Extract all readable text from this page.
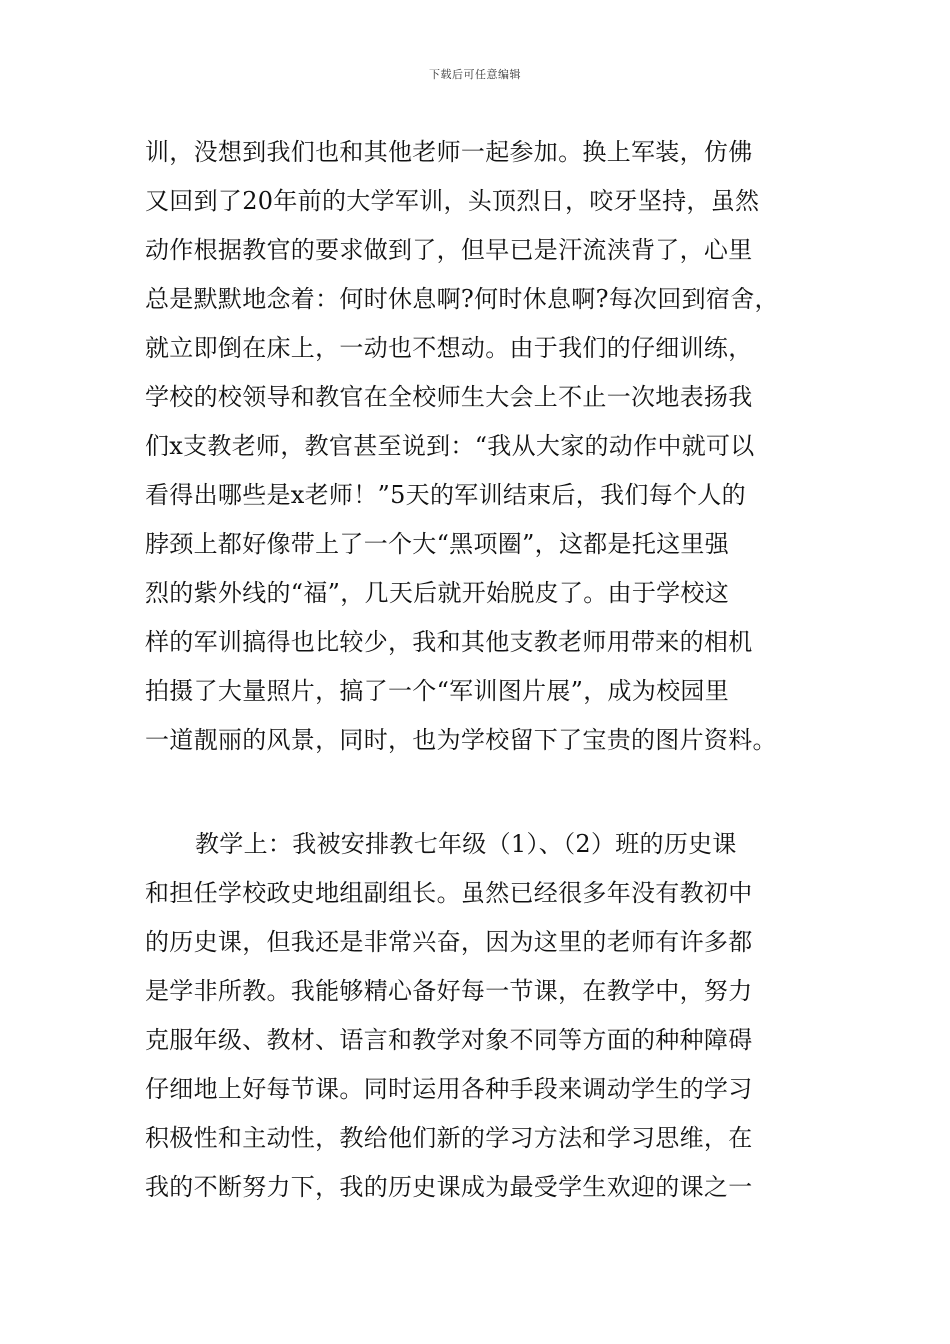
下载后可任意编辑
训，没想到我们也和其他老师一起参加。换上军装，仿佛
又回到了20年前的大学军训，头顶烈日，咬牙坚持，虽然
动作根据教官的要求做到了，但早已是汗流浃背了，心里
总是默默地念着：何时休息啊?何时休息啊?每次回到宿舍，
就立即倒在床上，一动也不想动。由于我们的仔细训练，
学校的校领导和教官在全校师生大会上不止一次地表扬我
们x支教老师，教官甚至说到：“我从大家的动作中就可以
看得出哪些是x老师！”5天的军训结束后，我们每个人的
脖颈上都好像带上了一个大“黑项圈”，这都是托这里强
烈的紫外线的“福”，几天后就开始脱皮了。由于学校这
样的军训搞得也比较少，我和其他支教老师用带来的相机
拍摄了大量照片，搞了一个“军训图片展”，成为校园里
一道靓丽的风景，同时，也为学校留下了宝贵的图片资料。
教学上：我被安排教七年级（1）、（2）班的历史课
和担任学校政史地组副组长。虽然已经很多年没有教初中
的历史课，但我还是非常兴奋，因为这里的老师有许多都
是学非所教。我能够精心备好每一节课，在教学中，努力
克服年级、教材、语言和教学对象不同等方面的种种障碍
仔细地上好每节课。同时运用各种手段来调动学生的学习
积极性和主动性，教给他们新的学习方法和学习思维，在
我的不断努力下，我的历史课成为最受学生欢迎的课之一
